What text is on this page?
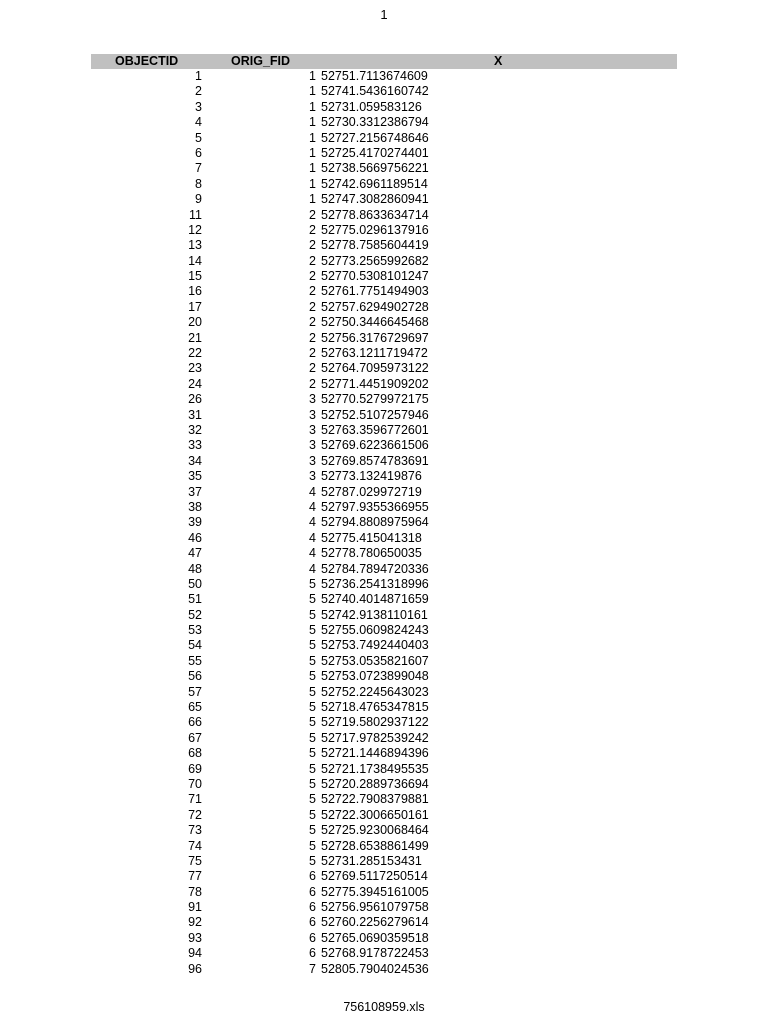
1
OBJECTID	ORIG_FID	X
1	1 52751.7113674609
2	1 52741.5436160742
3	1 52731.059583126
4	1 52730.3312386794
5	1 52727.2156748646
6	1 52725.4170274401
7	1 52738.5669756221
8	1 52742.6961189514
9	1 52747.3082860941
11	2 52778.8633634714
12	2 52775.0296137916
13	2 52778.7585604419
14	2 52773.2565992682
15	2 52770.5308101247
16	2 52761.7751494903
17	2 52757.6294902728
20	2 52750.3446645468
21	2 52756.3176729697
22	2 52763.1211719472
23	2 52764.7095973122
24	2 52771.4451909202
26	3 52770.5279972175
31	3 52752.5107257946
32	3 52763.3596772601
33	3 52769.6223661506
34	3 52769.8574783691
35	3 52773.132419876
37	4 52787.029972719
38	4 52797.9355366955
39	4 52794.8808975964
46	4 52775.415041318
47	4 52778.780650035
48	4 52784.7894720336
50	5 52736.2541318996
51	5 52740.4014871659
52	5 52742.9138110161
53	5 52755.0609824243
54	5 52753.7492440403
55	5 52753.0535821607
56	5 52753.0723899048
57	5 52752.2245643023
65	5 52718.4765347815
66	5 52719.5802937122
67	5 52717.9782539242
68	5 52721.1446894396
69	5 52721.1738495535
70	5 52720.2889736694
71	5 52722.7908379881
72	5 52722.3006650161
73	5 52725.9230068464
74	5 52728.6538861499
75	5 52731.285153431
77	6 52769.5117250514
78	6 52775.3945161005
91	6 52756.9561079758
92	6 52760.2256279614
93	6 52765.0690359518
94	6 52768.9178722453
96	7 52805.7904024536
756108959.xls
